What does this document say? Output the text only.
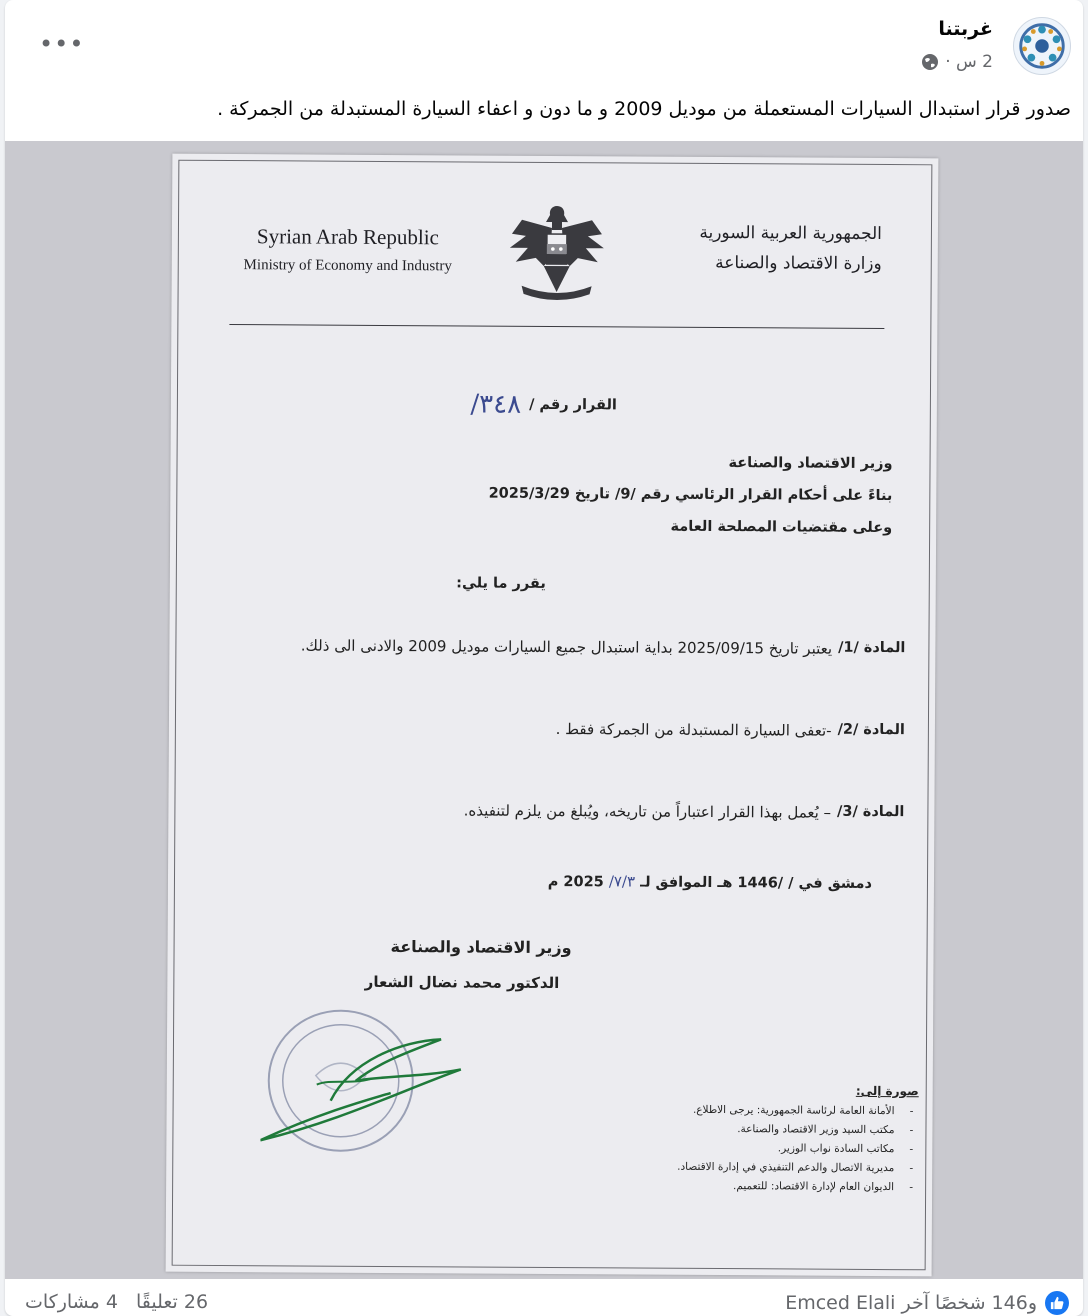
غربتنا
2 س ·
•••
صدور قرار استبدال السيارات المستعملة من موديل 2009 و ما دون و اعفاء السيارة المستبدلة من الجمركة .
Syrian Arab Republic
Ministry of Economy and Industry
الجمهورية العربية السورية
وزارة الاقتصاد والصناعة
القرار رقم /
٣٤٨/
وزير الاقتصاد والصناعة
بناءً على أحكام القرار الرئاسي رقم /9/ تاريخ 2025/3/29
وعلى مقتضيات المصلحة العامة
يقرر ما يلي:
المادة /1/
يعتبر تاريخ 2025/09/15 بداية استبدال جميع السيارات موديل 2009 والادنى الى ذلك.
المادة /2/
-تعفى السيارة المستبدلة من الجمركة فقط .
المادة /3/
– يُعمل بهذا القرار اعتباراً من تاريخه، ويُبلغ من يلزم لتنفيذه.
دمشق في / /1446 هـ الموافق لـ ٧/٣/ 2025 م
وزير الاقتصاد والصناعة
الدكتور محمد نضال الشعار
صورة إلى:
-
الأمانة العامة لرئاسة الجمهورية: يرجى الاطلاع.
-
مكتب السيد وزير الاقتصاد والصناعة.
-
مكاتب السادة نواب الوزير.
-
مديرية الاتصال والدعم التنفيذي في إدارة الاقتصاد.
-
الديوان العام لإدارة الاقتصاد: للتعميم.
Emced Elali و146 شخصًا آخر
26 تعليقًا
4 مشاركات
